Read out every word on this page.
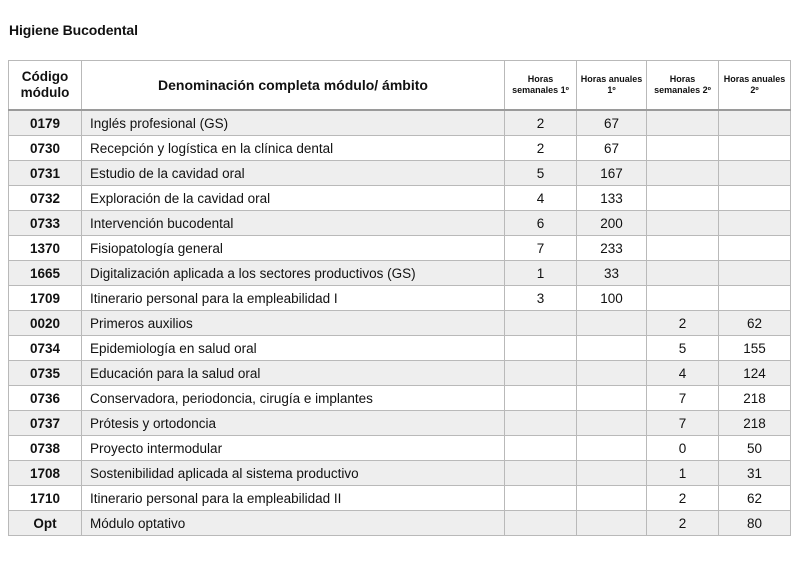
Higiene Bucodental
Código módulo	Denominación completa módulo/ ámbito	Horas semanales 1º	Horas anuales 1º	Horas semanales 2º	Horas anuales 2º
0179	Inglés profesional (GS)	2	67		
0730	Recepción y logística en la clínica dental	2	67		
0731	Estudio de la cavidad oral	5	167		
0732	Exploración de la cavidad oral	4	133		
0733	Intervención bucodental	6	200		
1370	Fisiopatología general	7	233		
1665	Digitalización aplicada a los sectores productivos (GS)	1	33		
1709	Itinerario personal para la empleabilidad I	3	100		
0020	Primeros auxilios			2	62
0734	Epidemiología en salud oral			5	155
0735	Educación para la salud oral			4	124
0736	Conservadora, periodoncia, cirugía e implantes			7	218
0737	Prótesis y ortodoncia			7	218
0738	Proyecto intermodular			0	50
1708	Sostenibilidad aplicada al sistema productivo			1	31
1710	Itinerario personal para la empleabilidad II			2	62
Opt	Módulo optativo			2	80
